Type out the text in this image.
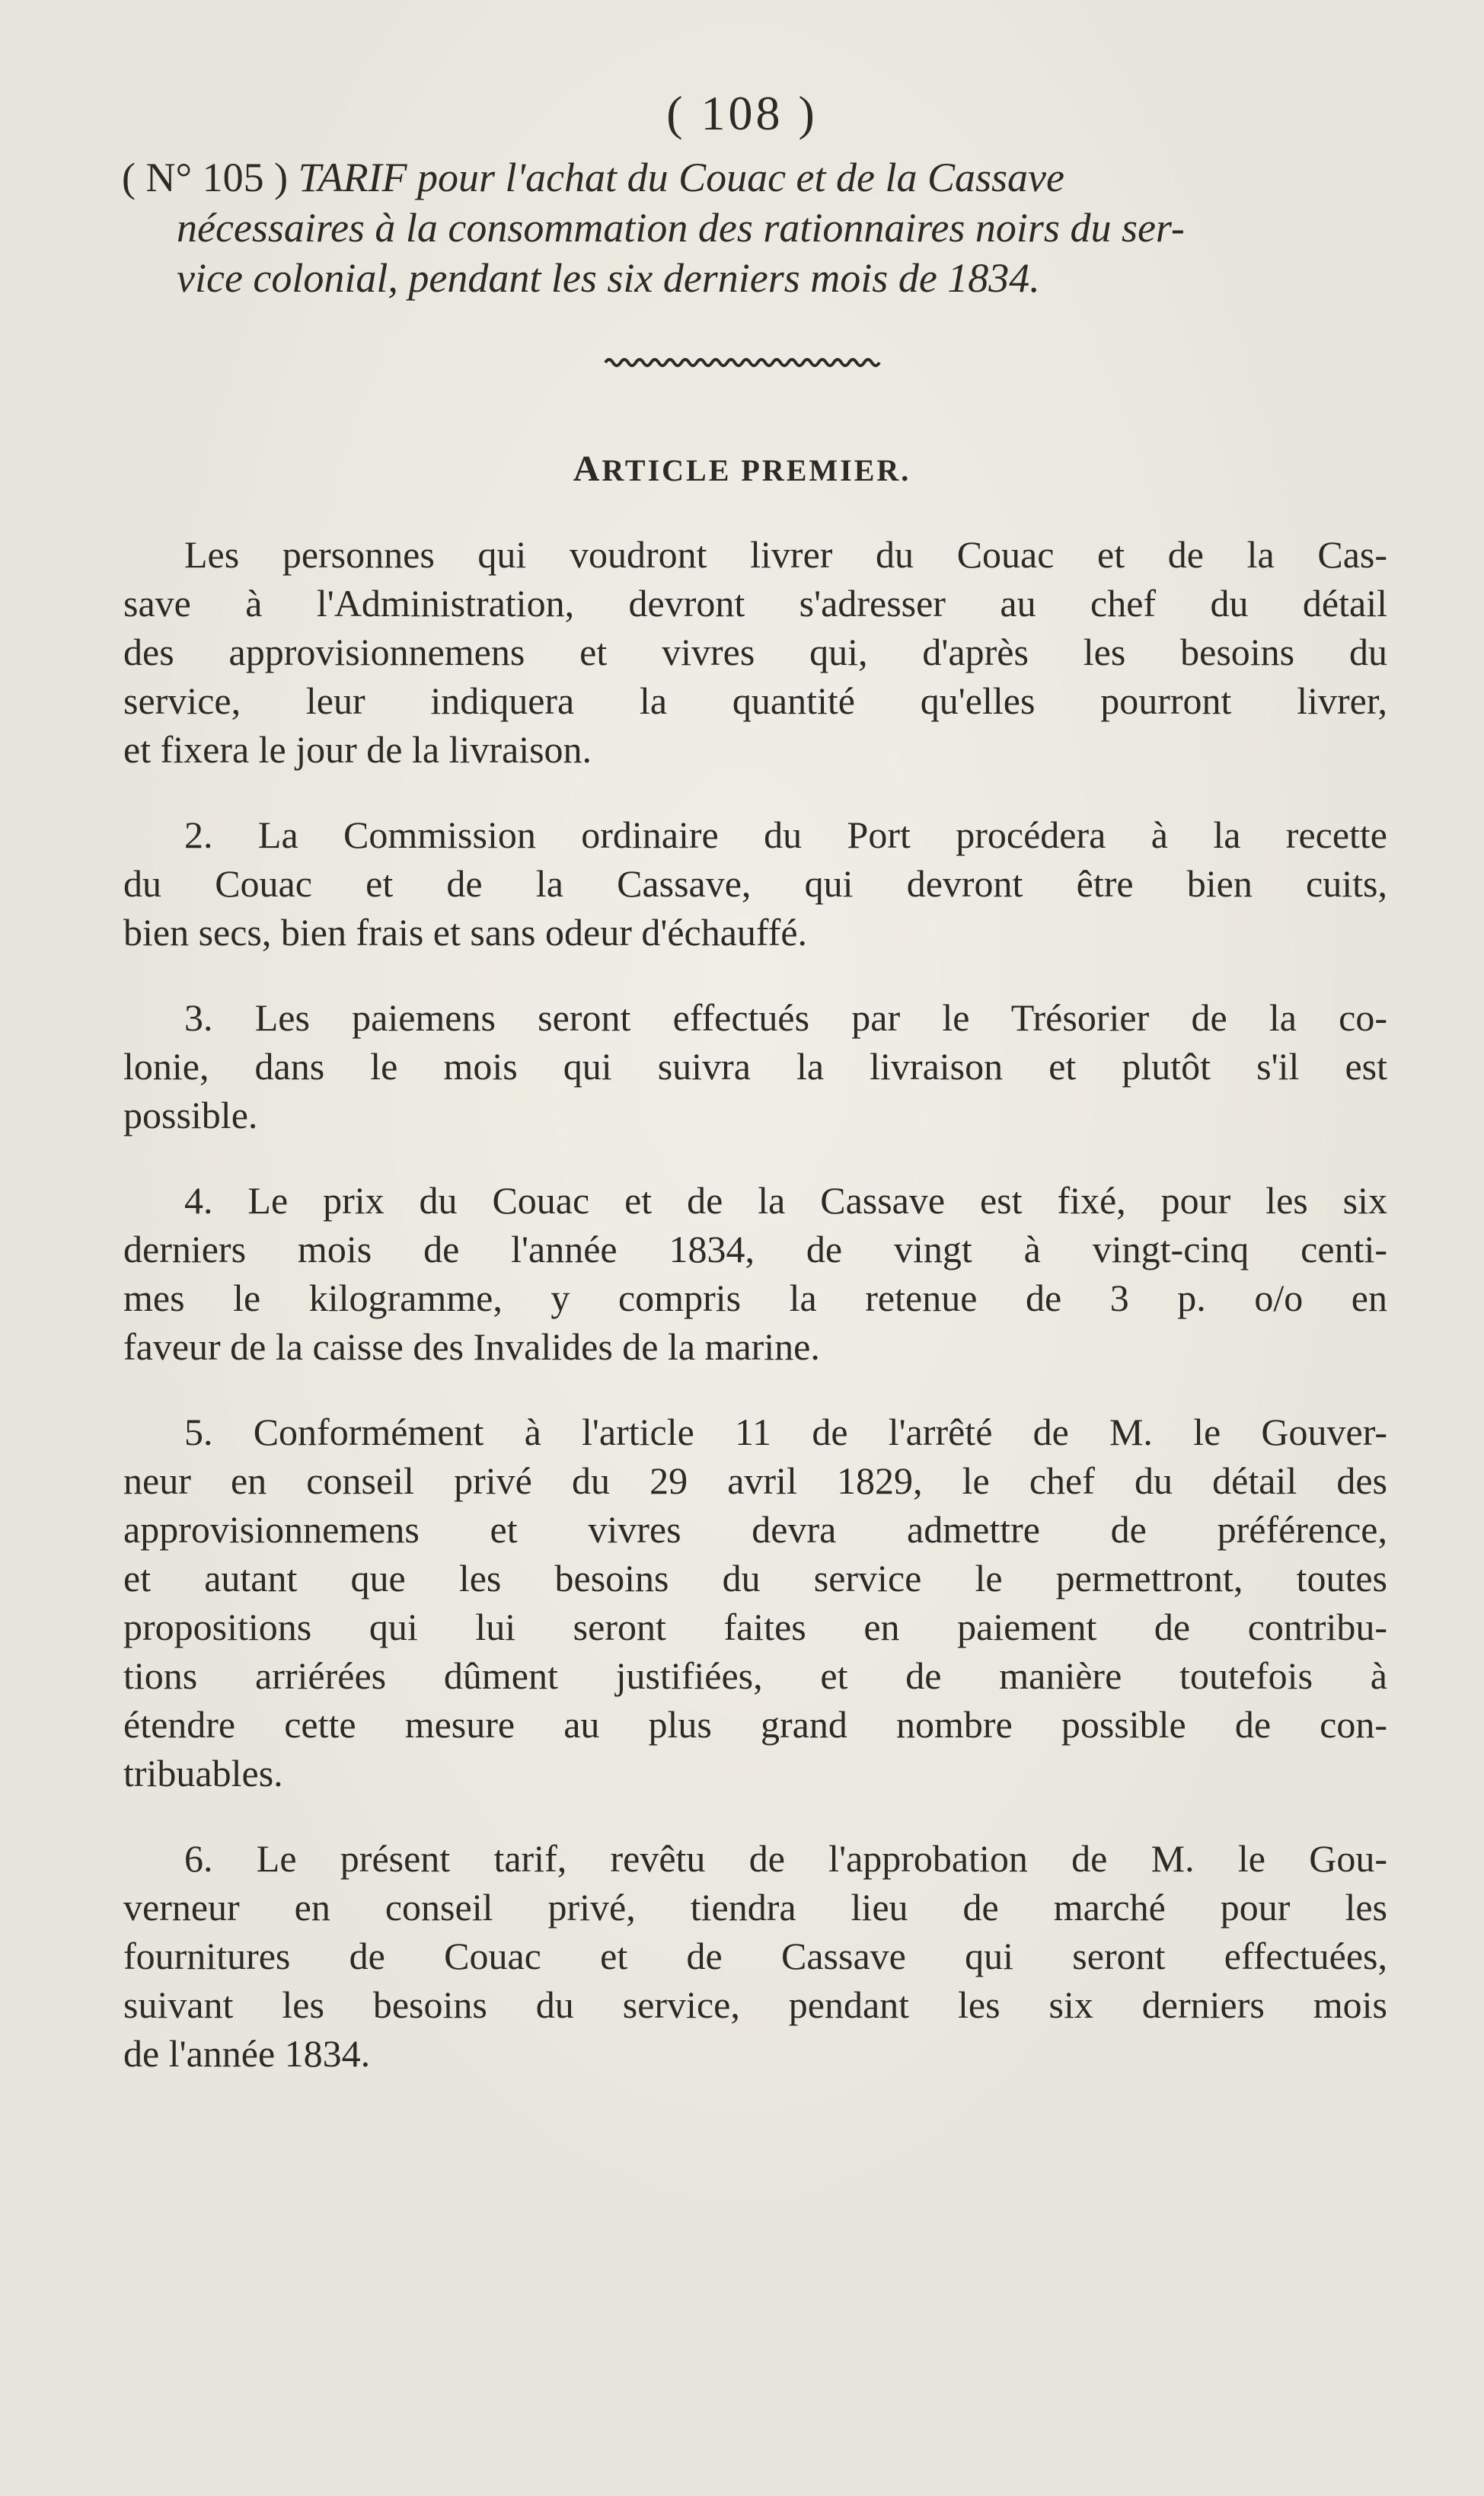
( 108 )
( N° 105 ) TARIF pour l'achat du Couac et de la Cassave
nécessaires à la consommation des rationnaires noirs du ser-
vice colonial, pendant les six derniers mois de 1834.
ARTICLE PREMIER.
Les personnes qui voudront livrer du Couac et de la Cas-
save à l'Administration, devront s'adresser au chef du détail
des approvisionnemens et vivres qui, d'après les besoins du
service, leur indiquera la quantité qu'elles pourront livrer,
et fixera le jour de la livraison.
2. La Commission ordinaire du Port procédera à la recette
du Couac et de la Cassave, qui devront être bien cuits,
bien secs, bien frais et sans odeur d'échauffé.
3. Les paiemens seront effectués par le Trésorier de la co-
lonie, dans le mois qui suivra la livraison et plutôt s'il est
possible.
4. Le prix du Couac et de la Cassave est fixé, pour les six
derniers mois de l'année 1834, de vingt à vingt-cinq centi-
mes le kilogramme, y compris la retenue de 3 p. o/o en
faveur de la caisse des Invalides de la marine.
5. Conformément à l'article 11 de l'arrêté de M. le Gouver-
neur en conseil privé du 29 avril 1829, le chef du détail des
approvisionnemens et vivres devra admettre de préférence,
et autant que les besoins du service le permettront, toutes
propositions qui lui seront faites en paiement de contribu-
tions arriérées dûment justifiées, et de manière toutefois à
étendre cette mesure au plus grand nombre possible de con-
tribuables.
6. Le présent tarif, revêtu de l'approbation de M. le Gou-
verneur en conseil privé, tiendra lieu de marché pour les
fournitures de Couac et de Cassave qui seront effectuées,
suivant les besoins du service, pendant les six derniers mois
de l'année 1834.
